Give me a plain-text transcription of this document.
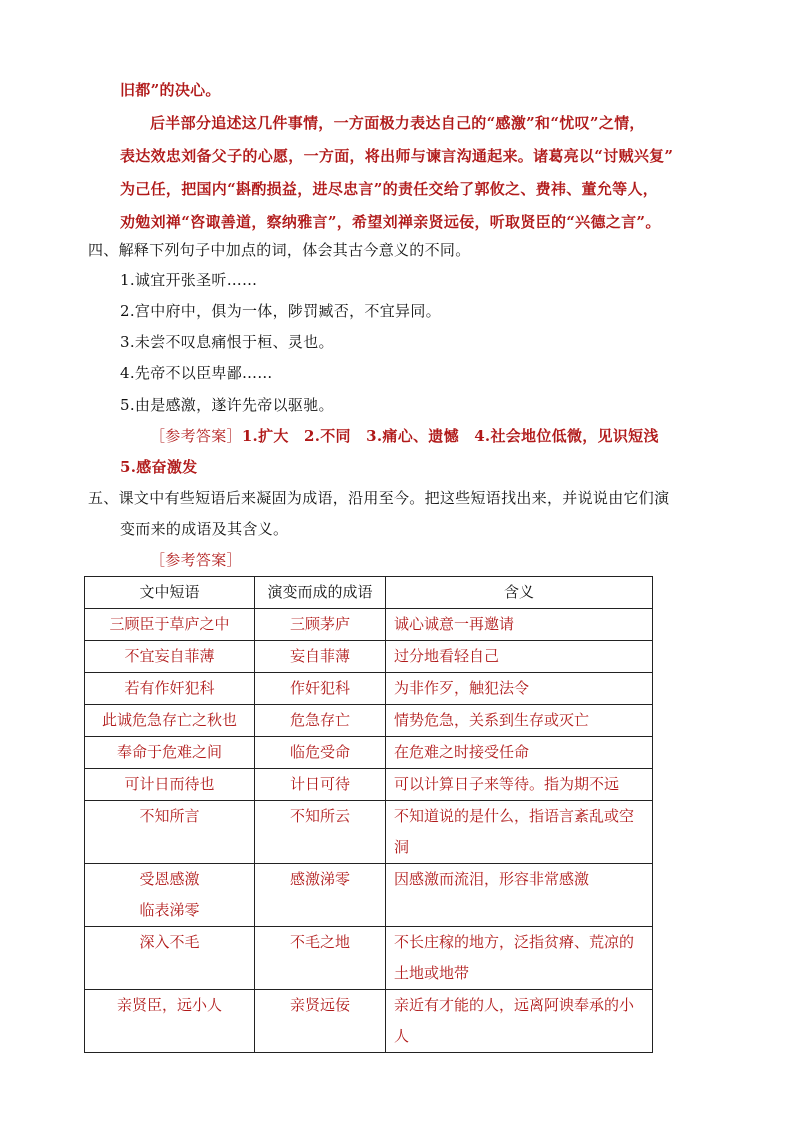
旧都”的决心。
后半部分追述这几件事情，一方面极力表达自己的“感激”和“忧叹”之情，
表达效忠刘备父子的心愿，一方面，将出师与谏言沟通起来。诸葛亮以“讨贼兴复”
为己任，把国内“斟酌损益，进尽忠言”的责任交给了郭攸之、费祎、董允等人，
劝勉刘禅“咨诹善道，察纳雅言”，希望刘禅亲贤远佞，听取贤臣的“兴德之言”。
四、解释下列句子中加点的词，体会其古今意义的不同。
1.诚宜开张圣听……
2.宫中府中，俱为一体，陟罚臧否，不宜异同。
3.未尝不叹息痛恨于桓、灵也。
4.先帝不以臣卑鄙……
5.由是感激，遂许先帝以驱驰。
［参考答案］1.扩大　2.不同　3.痛心、遗憾　4.社会地位低微，见识短浅
5.感奋激发
五、课文中有些短语后来凝固为成语，沿用至今。把这些短语找出来，并说说由它们演
变而来的成语及其含义。
［参考答案］
文中短语	演变而成的成语	含义

三顾臣于草庐之中	三顾茅庐	诚心诚意一再邀请

不宜妄自菲薄	妄自菲薄	过分地看轻自己

若有作奸犯科	作奸犯科	为非作歹，触犯法令

此诚危急存亡之秋也	危急存亡	情势危急，关系到生存或灭亡

奉命于危难之间	临危受命	在危难之时接受任命

可计日而待也	计日可待	可以计算日子来等待。指为期不远

不知所言	不知所云	不知道说的是什么，指语言紊乱或空
洞

受恩感激
临表涕零	感激涕零	因感激而流泪，形容非常感激

深入不毛	不毛之地	不长庄稼的地方，泛指贫瘠、荒凉的
土地或地带

亲贤臣，远小人	亲贤远佞	亲近有才能的人，远离阿谀奉承的小
人
